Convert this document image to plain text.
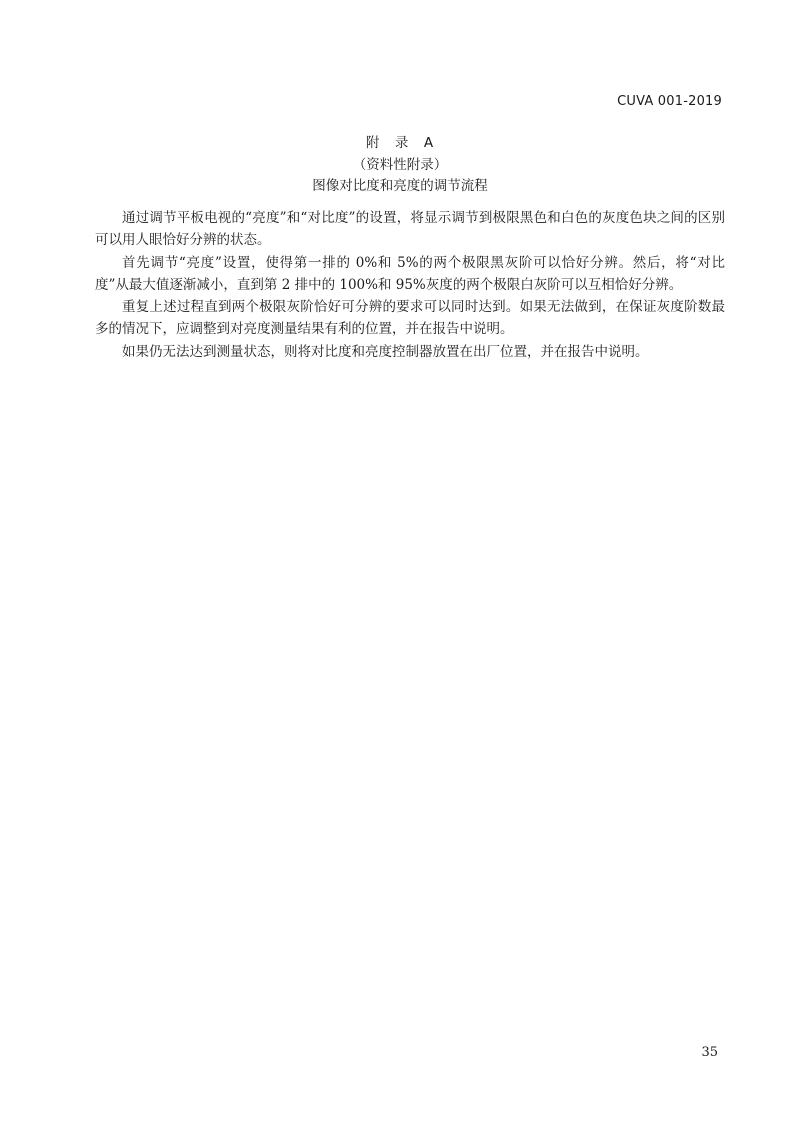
CUVA 001-2019
附　录　A
（资料性附录）
图像对比度和亮度的调节流程

通过调节平板电视的“亮度”和“对比度”的设置，将显示调节到极限黑色和白色的灰度色块之间的区别可以用人眼恰好分辨的状态。

首先调节“亮度”设置，使得第一排的 0%和 5%的两个极限黑灰阶可以恰好分辨。然后，将“对比度”从最大值逐渐减小，直到第 2 排中的 100%和 95%灰度的两个极限白灰阶可以互相恰好分辨。

重复上述过程直到两个极限灰阶恰好可分辨的要求可以同时达到。如果无法做到，在保证灰度阶数最多的情况下，应调整到对亮度测量结果有利的位置，并在报告中说明。

如果仍无法达到测量状态，则将对比度和亮度控制器放置在出厂位置，并在报告中说明。

35
